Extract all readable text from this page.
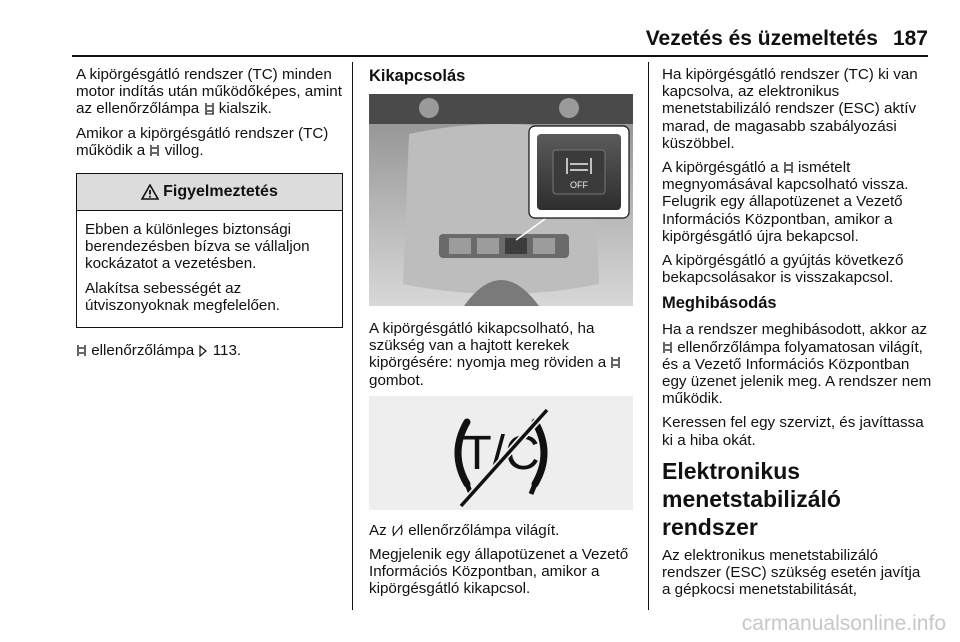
Vezetés és üzemeltetés 187

A kipörgésgátló rendszer (TC) minden motor indítás után működőképes, amint az ellenőrzőlámpa kialszik.

Amikor a kipörgésgátló rendszer (TC) működik a villog.

Figyelmeztetés

Ebben a különleges biztonsági berendezésben bízva se vállaljon kockázatot a vezetésben.

Alakítsa sebességét az útviszonyoknak megfelelően.

ellenőrzőlámpa 113.

Kikapcsolás
OFF

A kipörgésgátló kikapcsolható, ha szükség van a hajtott kerekek kipörgésére: nyomja meg röviden a  gombot.

T/C

Az ellenőrzőlámpa világít.

Megjelenik egy állapotüzenet a Vezető Információs Központban, amikor a kipörgésgátló kikapcsol.

Ha kipörgésgátló rendszer (TC) ki van kapcsolva, az elektronikus menetstabilizáló rendszer (ESC) aktív marad, de magasabb szabályozási küszöbbel.

A kipörgésgátló a ismételt megnyomásával kapcsolható vissza. Felugrik egy állapotüzenet a Vezető Információs Központban, amikor a kipörgésgátló újra bekapcsol.

A kipörgésgátló a gyújtás következő bekapcsolásakor is visszakapcsol.

Meghibásodás

Ha a rendszer meghibásodott, akkor az  ellenőrzőlámpa folyamatosan világít, és a Vezető Információs Központban egy üzenet jelenik meg. A rendszer nem működik.

Keressen fel egy szervizt, és javíttassa ki a hiba okát.

Elektronikus menetstabilizáló rendszer

Az elektronikus menetstabilizáló rendszer (ESC) szükség esetén javítja a gépkocsi menetstabilitását,

carmanualsonline.info
